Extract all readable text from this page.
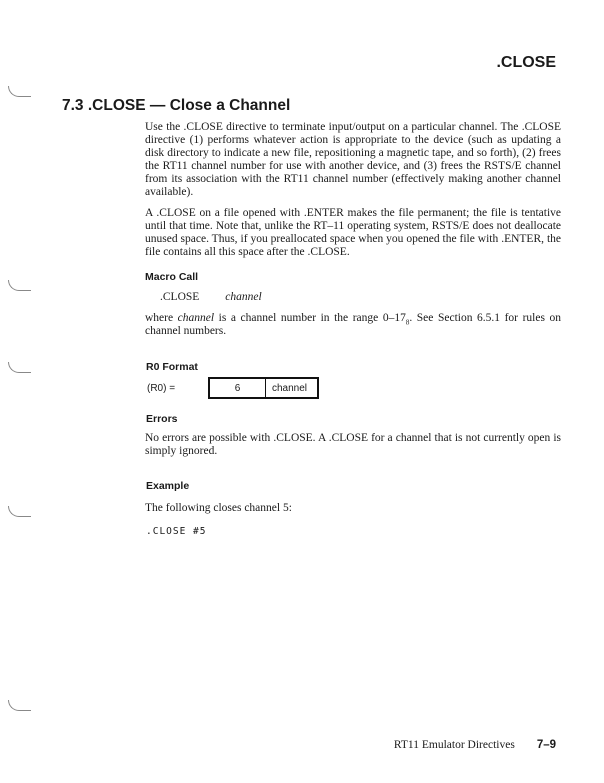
.CLOSE
7.3 .CLOSE — Close a Channel

Use the .CLOSE directive to terminate input/output on a particular channel. The .CLOSE directive (1) performs whatever action is appropriate to the device (such as updating a disk directory to indicate a new file, repositioning a magnetic tape, and so forth), (2) frees the RT11 channel number for use with another device, and (3) frees the RSTS/E channel from its association with the RT11 channel number (effectively making another channel available).

A .CLOSE on a file opened with .ENTER makes the file permanent; the file is tentative until that time. Note that, unlike the RT–11 operating system, RSTS/E does not deallocate unused space. Thus, if you preallocated space when you opened the file with .ENTER, the file contains all this space after the .CLOSE.

Macro Call
.CLOSE channel
where channel is a channel number in the range $0-17_8$. See Section 6.5.1 for rules on channel numbers.
R0 Format
(R0) =	6	channel
Errors
No errors are possible with .CLOSE. A .CLOSE for a channel that is not currently open is simply ignored.
Example
The following closes channel 5:
.CLOSE #5
RT11 Emulator Directives 7–9
